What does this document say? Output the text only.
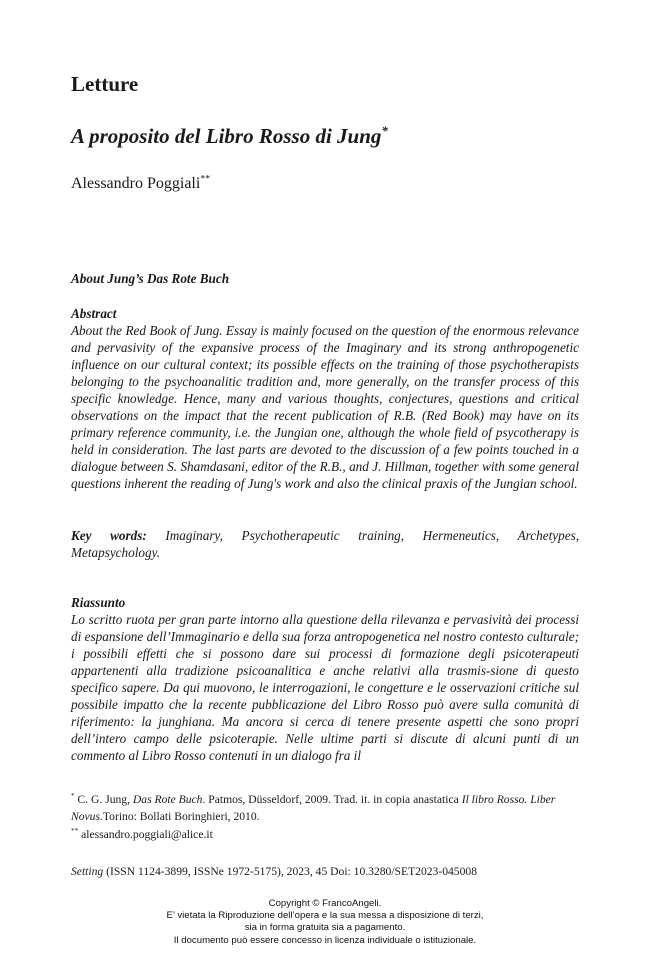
Letture
A proposito del Libro Rosso di Jung*
Alessandro Poggiali**
About Jung’s Das Rote Buch
Abstract

About the Red Book of Jung. Essay is mainly focused on the question of the enormous relevance and pervasivity of the expansive process of the Imaginary and its strong anthropogenetic influence on our cultural context; its possible effects on the training of those psychotherapists belonging to the psychoanalitic tradition and, more generally, on the transfer process of this specific knowledge. Hence, many and various thoughts, conjectures, questions and critical observations on the impact that the recent publication of R.B. (Red Book) may have on its primary reference community, i.e. the Jungian one, although the whole field of psycotherapy is held in consideration. The last parts are devoted to the discussion of a few points touched in a dialogue between S. Shamdasani, editor of the R.B., and J. Hillman, together with some general questions inherent the reading of Jung's work and also the clinical praxis of the Jungian school.

Key words: Imaginary, Psychotherapeutic training, Hermeneutics, Archetypes, Metapsychology.

Riassunto

Lo scritto ruota per gran parte intorno alla questione della rilevanza e pervasività dei processi di espansione dell’Immaginario e della sua forza antropogenetica nel nostro contesto culturale; i possibili effetti che si possono dare sui processi di formazione degli psicoterapeuti appartenenti alla tradizione psicoanalitica e anche relativi alla trasmis-sione di questo specifico sapere. Da qui muovono, le interrogazioni, le congetture e le osservazioni critiche sul possibile impatto che la recente pubblicazione del Libro Rosso può avere sulla comunità di riferimento: la junghiana. Ma ancora si cerca di tenere presente aspetti che sono propri dell’intero campo delle psicoterapie. Nelle ultime parti si discute di alcuni punti di un commento al Libro Rosso contenuti in un dialogo fra il

* C. G. Jung, Das Rote Buch. Patmos, Düsseldorf, 2009. Trad. it. in copia anastatica Il libro Rosso. Liber Novus.Torino: Bollati Boringhieri, 2010.

** alessandro.poggiali@alice.it

Setting (ISSN 1124-3899, ISSNe 1972-5175), 2023, 45 Doi: 10.3280/SET2023-045008
Copyright © FrancoAngeli.
E’ vietata la Riproduzione dell’opera e la sua messa a disposizione di terzi,
sia in forma gratuita sia a pagamento.
Il documento può essere concesso in licenza individuale o istituzionale.
